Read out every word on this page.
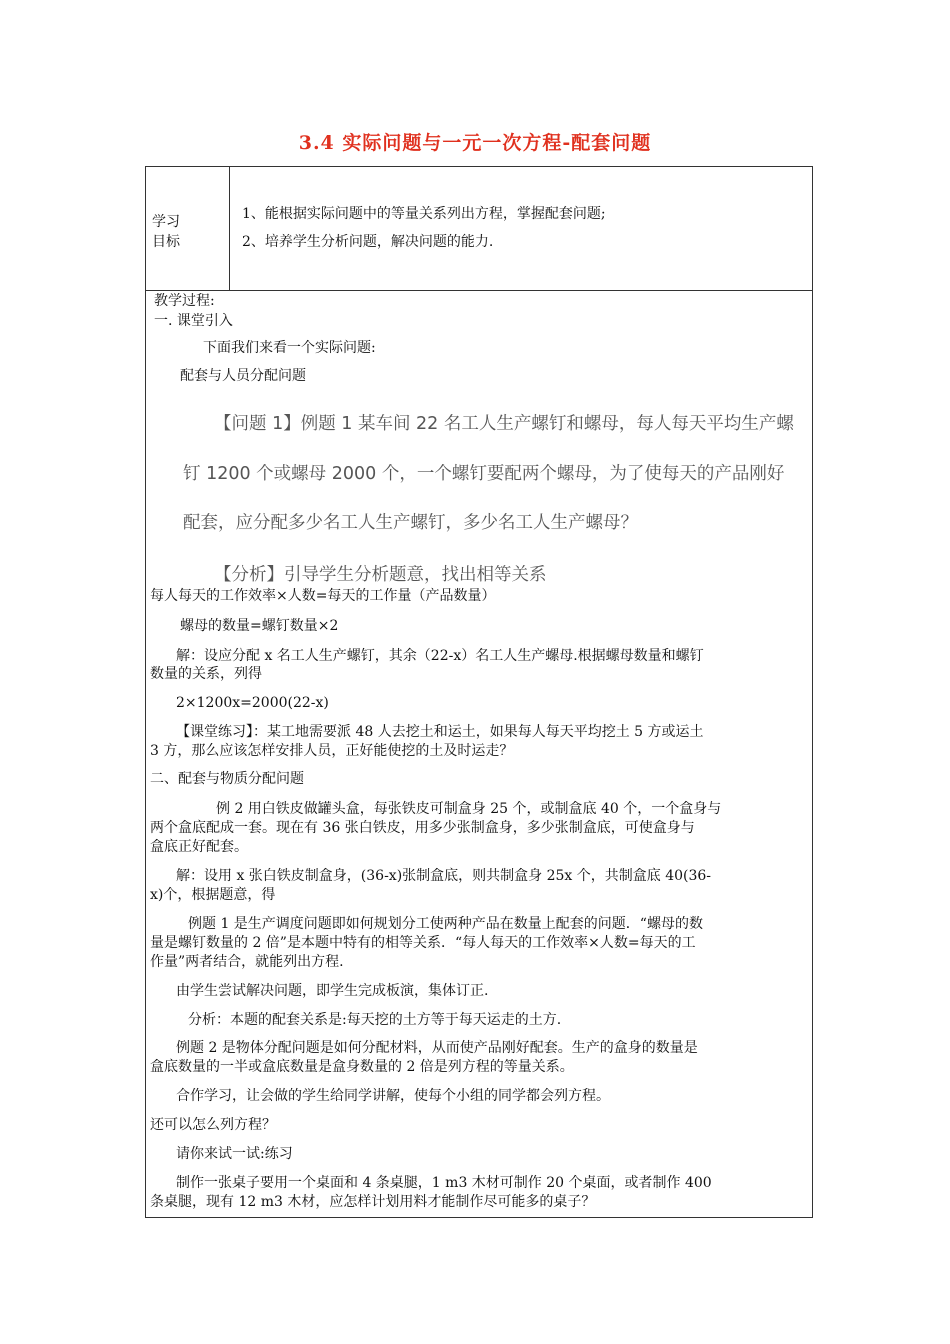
3.4 实际问题与一元一次方程-配套问题
学习
目标
1、能根据实际问题中的等量关系列出方程，掌握配套问题;
2、培养学生分析问题，解决问题的能力.
教学过程:
一. 课堂引入
下面我们来看一个实际问题:
配套与人员分配问题
【问题 1】例题 1 某车间 22 名工人生产螺钉和螺母，每人每天平均生产螺
钉 1200 个或螺母 2000 个，一个螺钉要配两个螺母，为了使每天的产品刚好
配套，应分配多少名工人生产螺钉，多少名工人生产螺母？
【分析】引导学生分析题意，找出相等关系
每人每天的工作效率×人数=每天的工作量（产品数量）
螺母的数量=螺钉数量×2
解：设应分配 x 名工人生产螺钉，其余（22-x）名工人生产螺母.根据螺母数量和螺钉
数量的关系，列得
2×1200x=2000(22-x)
【课堂练习】：某工地需要派 48 人去挖土和运土，如果每人每天平均挖土 5 方或运土
3 方，那么应该怎样安排人员，正好能使挖的土及时运走？
二、配套与物质分配问题
例 2 用白铁皮做罐头盒，每张铁皮可制盒身 25 个，或制盒底 40 个，一个盒身与
两个盒底配成一套。现在有 36 张白铁皮，用多少张制盒身，多少张制盒底，可使盒身与
盒底正好配套。
解：设用 x 张白铁皮制盒身，(36-x)张制盒底，则共制盒身 25x 个，共制盒底 40(36-
x)个，根据题意，得
例题 1 是生产调度问题即如何规划分工使两种产品在数量上配套的问题．“螺母的数
量是螺钉数量的 2 倍”是本题中特有的相等关系．“每人每天的工作效率×人数=每天的工
作量”两者结合，就能列出方程.
由学生尝试解决问题，即学生完成板演，集体订正.
分析：本题的配套关系是:每天挖的土方等于每天运走的土方.
例题 2 是物体分配问题是如何分配材料，从而使产品刚好配套。生产的盒身的数量是
盒底数量的一半或盒底数量是盒身数量的 2 倍是列方程的等量关系。
合作学习，让会做的学生给同学讲解，使每个小组的同学都会列方程。
还可以怎么列方程？
请你来试一试:练习
制作一张桌子要用一个桌面和 4 条桌腿，1 m3 木材可制作 20 个桌面，或者制作 400
条桌腿，现有 12 m3 木材，应怎样计划用料才能制作尽可能多的桌子？
